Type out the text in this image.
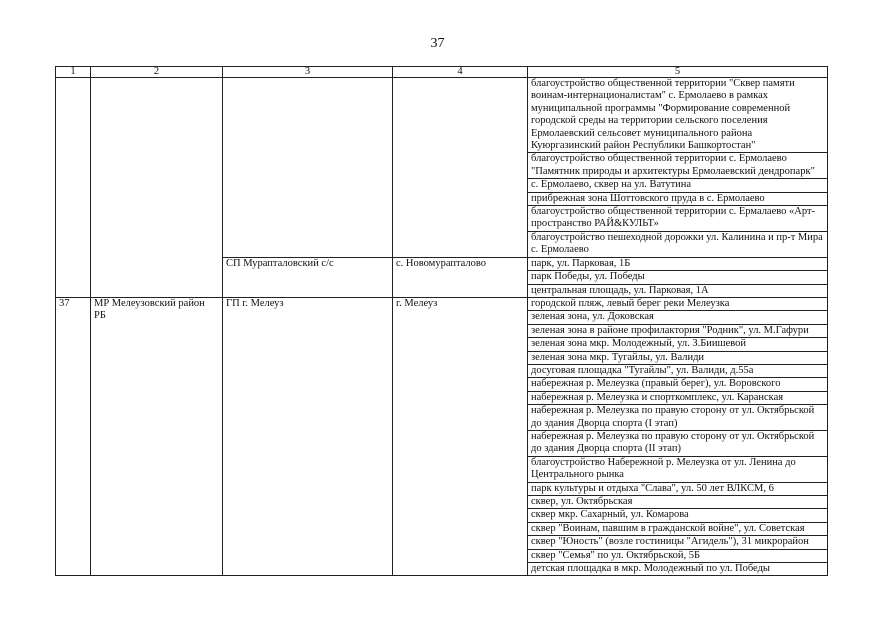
37
1	2	3	4	5
				благоустройство общественной территории "Сквер памяти воинам-интернационалистам" с. Ермолаево в рамках муниципальной программы "Формирование современной городской среды на территории сельского поселения Ермолаевский сельсовет муниципального района Куюргазинский район Республики Башкортостан"
				благоустройство общественной территории с. Ермолаево "Памятник природы и архитектуры Ермолаевский дендропарк"
				с. Ермолаево, сквер на ул. Ватутина
				прибрежная зона Шоттовского пруда в с. Ермолаево
				благоустройство общественной территории с. Ермалаево «Арт-пространство РАЙ&КУЛЬТ»
				благоустройство пешеходной дорожки ул. Калинина и пр-т Мира с. Ермолаево
		СП Мурапталовский с/с	с. Новомурапталово	парк, ул. Парковая, 1Б
				парк Победы, ул. Победы
				центральная площадь, ул. Парковая, 1А
37	МР Мелеузовский район РБ	ГП г. Мелеуз	г. Мелеуз	городской пляж, левый берег реки Мелеузка
				зеленая зона, ул. Доковская
				зеленая зона в районе профилактория "Родник", ул. М.Гафури
				зеленая зона мкр. Молодежный, ул. З.Биишевой
				зеленая зона мкр. Тугайлы, ул. Валиди
				досуговая площадка "Тугайлы", ул. Валиди, д.55а
				набережная р. Мелеузка (правый берег), ул. Воровского
				набережная р. Мелеузка и спорткомплекс, ул. Каранская
				набережная р. Мелеузка по правую сторону от ул. Октябрьской до здания Дворца спорта (I этап)
				набережная р. Мелеузка по правую сторону от ул. Октябрьской до здания Дворца спорта (II этап)
				благоустройство Набережной р. Мелеузка от ул. Ленина до Центрального рынка
				парк культуры и отдыха "Слава", ул. 50 лет ВЛКСМ, 6
				сквер, ул. Октябрьская
				сквер мкр. Сахарный, ул. Комарова
				сквер "Воинам, павшим в гражданской войне", ул. Советская
				сквер "Юность" (возле гостиницы "Агидель"), 31 микрорайон
				сквер "Семья" по ул. Октябрьской, 5Б
				детская площадка в мкр. Молодежный по ул. Победы
